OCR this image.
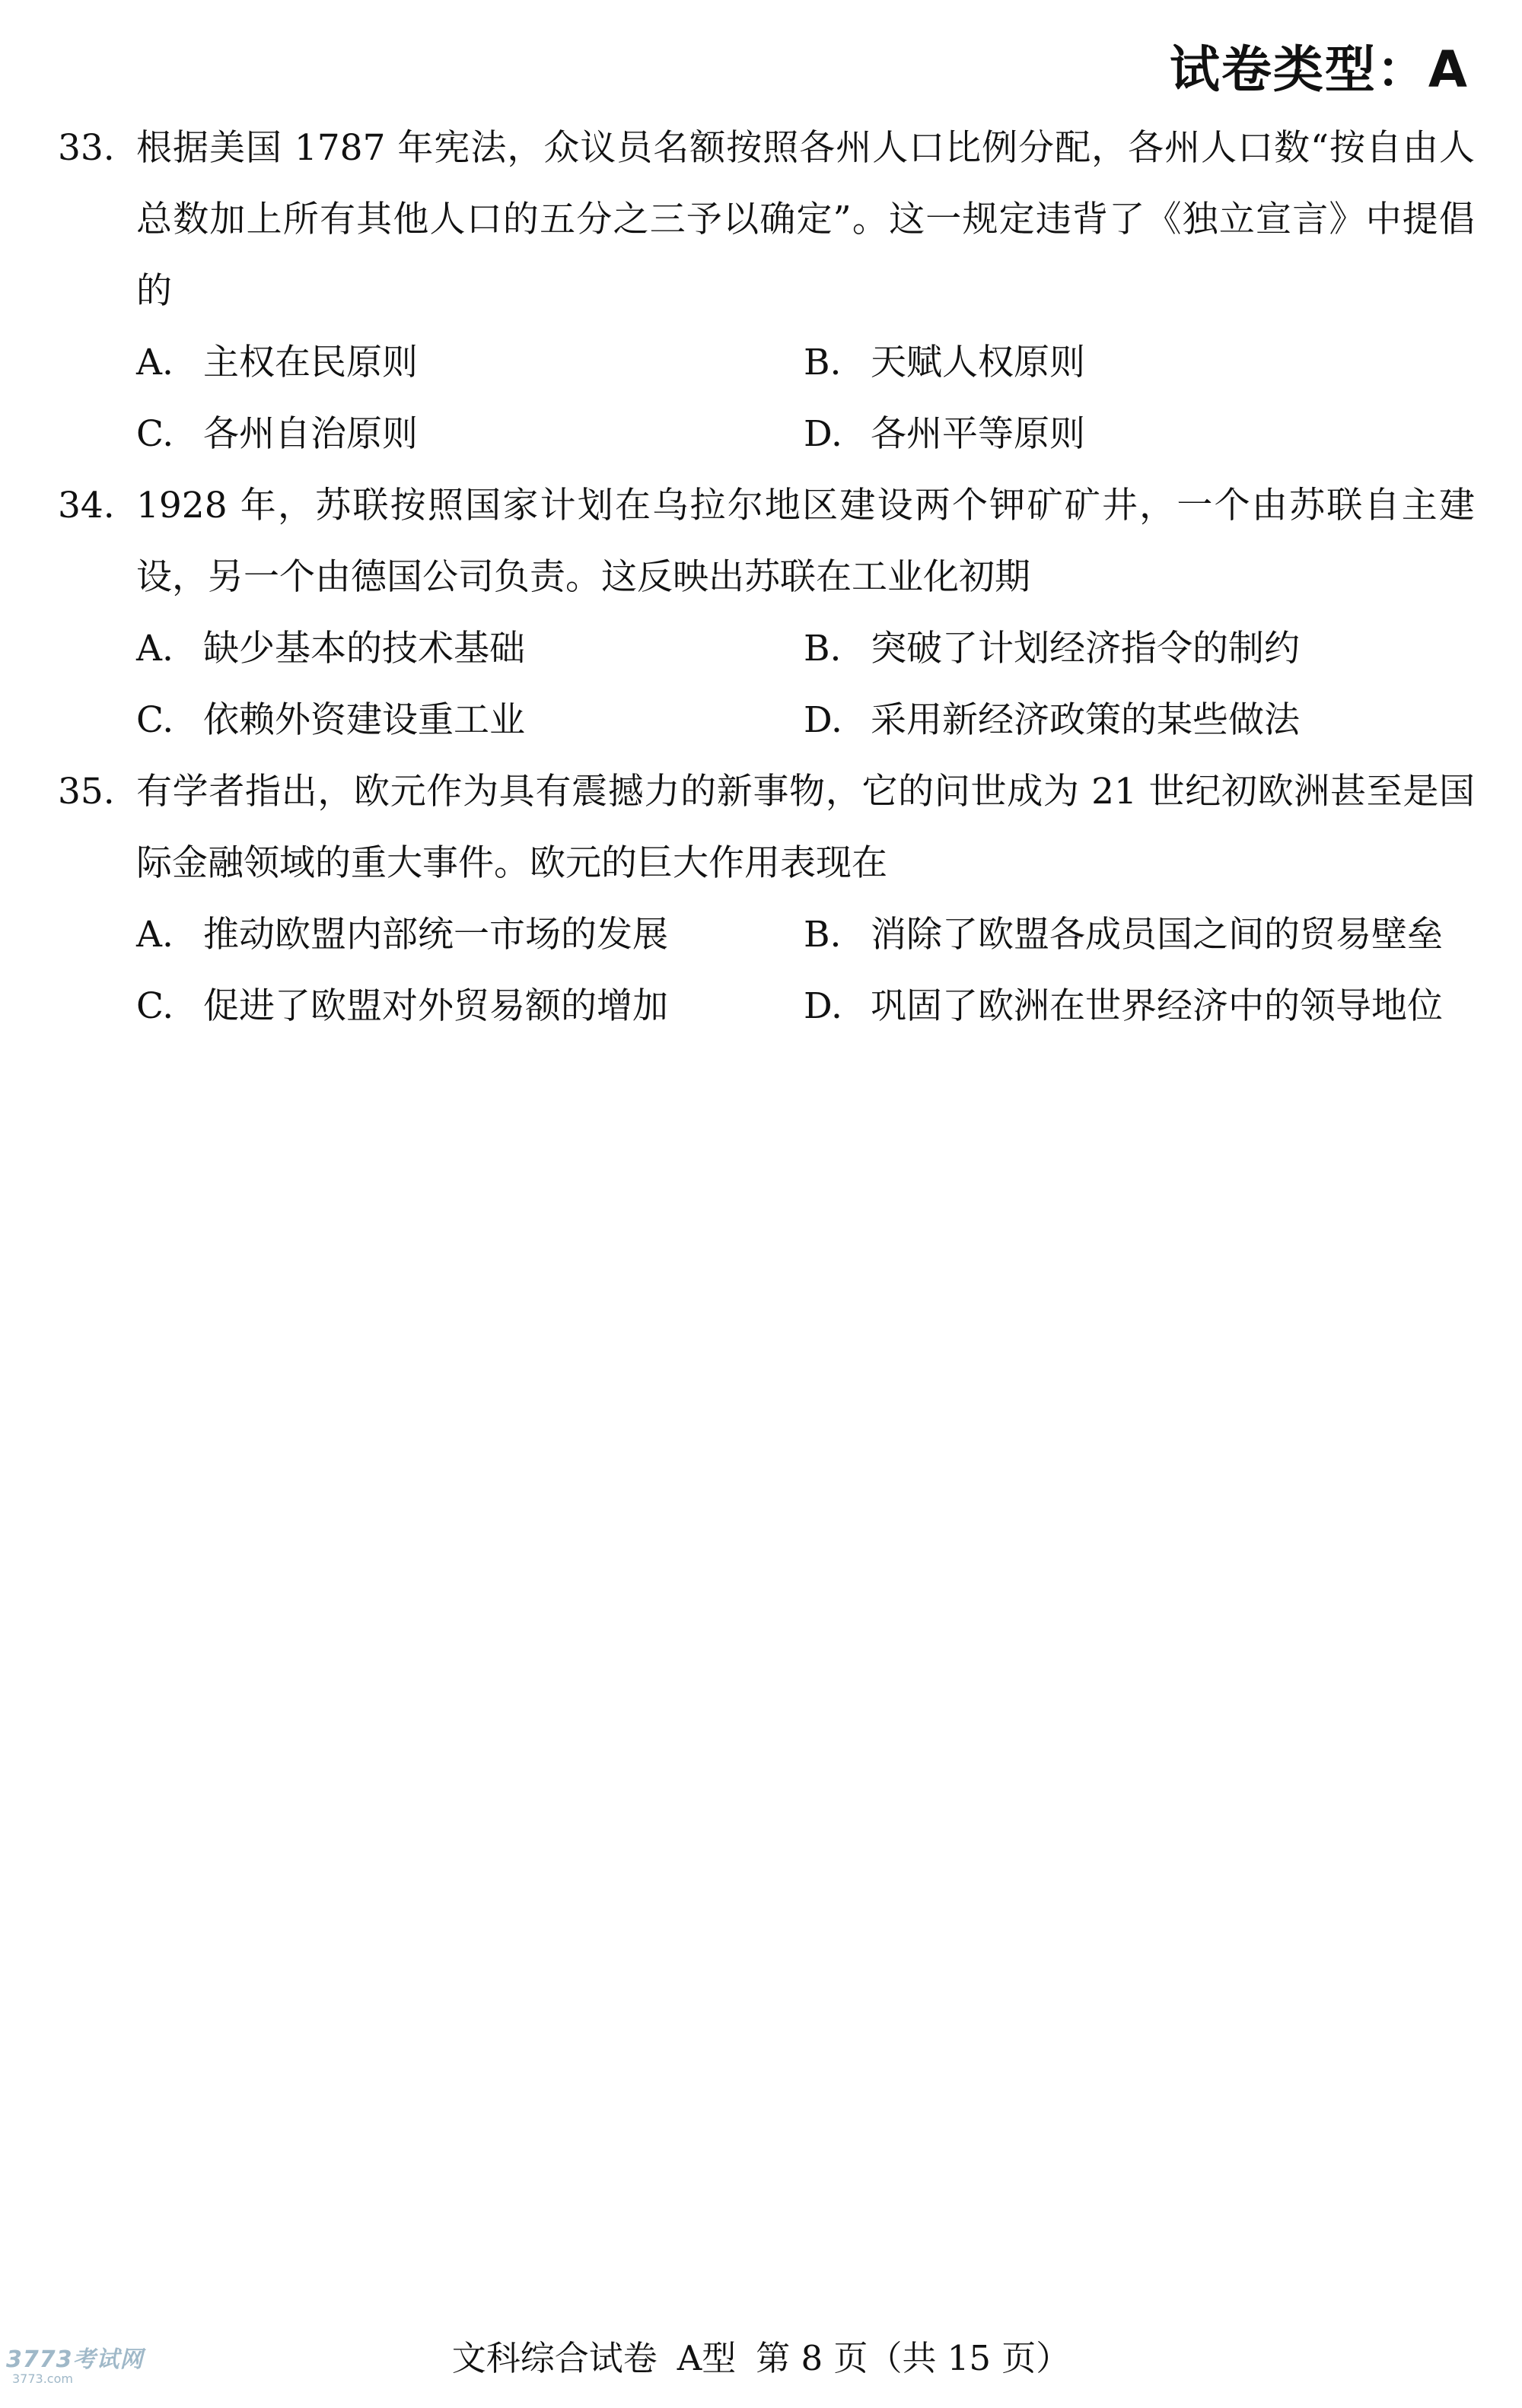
试卷类型：A
33. 根据美国 1787 年宪法，众议员名额按照各州人口比例分配，各州人口数“按自由人总数加上所有其他人口的五分之三予以确定”。这一规定违背了《独立宣言》中提倡的
A. 主权在民原则	B. 天赋人权原则
C. 各州自治原则	D. 各州平等原则
34. 1928 年，苏联按照国家计划在乌拉尔地区建设两个钾矿矿井，一个由苏联自主建设，另一个由德国公司负责。这反映出苏联在工业化初期
A. 缺少基本的技术基础	B. 突破了计划经济指令的制约
C. 依赖外资建设重工业	D. 采用新经济政策的某些做法
35. 有学者指出，欧元作为具有震撼力的新事物，它的问世成为 21 世纪初欧洲甚至是国际金融领域的重大事件。欧元的巨大作用表现在
A. 推动欧盟内部统一市场的发展	B. 消除了欧盟各成员国之间的贸易壁垒
C. 促进了欧盟对外贸易额的增加	D. 巩固了欧洲在世界经济中的领导地位
文科综合试卷 A型 第 8 页（共 15 页）
3773考试网
3773.com
